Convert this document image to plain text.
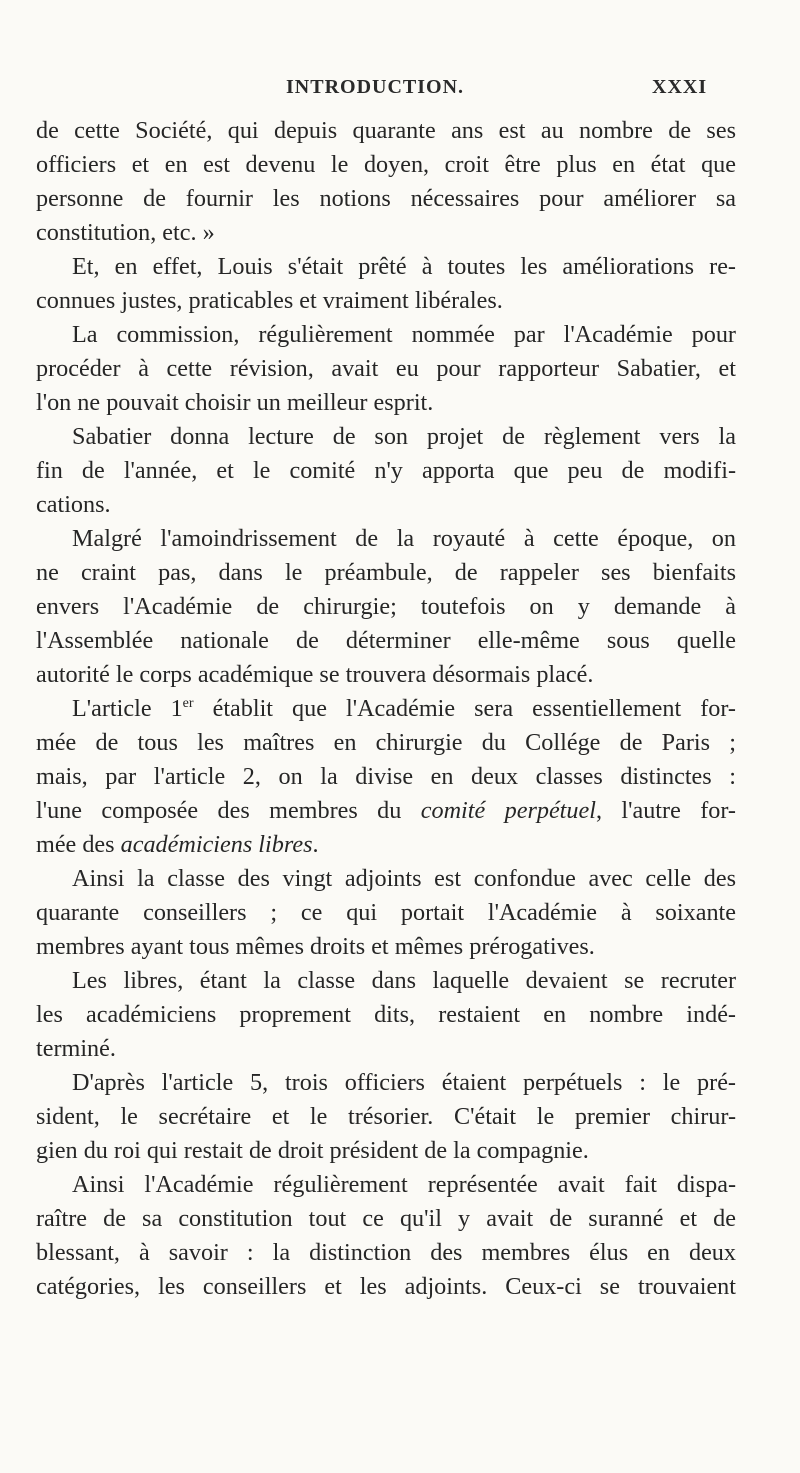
INTRODUCTION.	XXXI
de cette Société, qui depuis quarante ans est au nombre de ses
officiers et en est devenu le doyen, croit être plus en état que
personne de fournir les notions nécessaires pour améliorer sa
constitution, etc. »
Et, en effet, Louis s'était prêté à toutes les améliorations re-
connues justes, praticables et vraiment libérales.
La commission, régulièrement nommée par l'Académie pour
procéder à cette révision, avait eu pour rapporteur Sabatier, et
l'on ne pouvait choisir un meilleur esprit.
Sabatier donna lecture de son projet de règlement vers la
fin de l'année, et le comité n'y apporta que peu de modifi-
cations.
Malgré l'amoindrissement de la royauté à cette époque, on
ne craint pas, dans le préambule, de rappeler ses bienfaits
envers l'Académie de chirurgie; toutefois on y demande à
l'Assemblée nationale de déterminer elle-même sous quelle
autorité le corps académique se trouvera désormais placé.
L'article 1er établit que l'Académie sera essentiellement for-
mée de tous les maîtres en chirurgie du Collége de Paris ;
mais, par l'article 2, on la divise en deux classes distinctes :
l'une composée des membres du comité perpétuel, l'autre for-
mée des académiciens libres.
Ainsi la classe des vingt adjoints est confondue avec celle des
quarante conseillers ; ce qui portait l'Académie à soixante
membres ayant tous mêmes droits et mêmes prérogatives.
Les libres, étant la classe dans laquelle devaient se recruter
les académiciens proprement dits, restaient en nombre indé-
terminé.
D'après l'article 5, trois officiers étaient perpétuels : le pré-
sident, le secrétaire et le trésorier. C'était le premier chirur-
gien du roi qui restait de droit président de la compagnie.
Ainsi l'Académie régulièrement représentée avait fait dispa-
raître de sa constitution tout ce qu'il y avait de suranné et de
blessant, à savoir : la distinction des membres élus en deux
catégories, les conseillers et les adjoints. Ceux-ci se trouvaient
